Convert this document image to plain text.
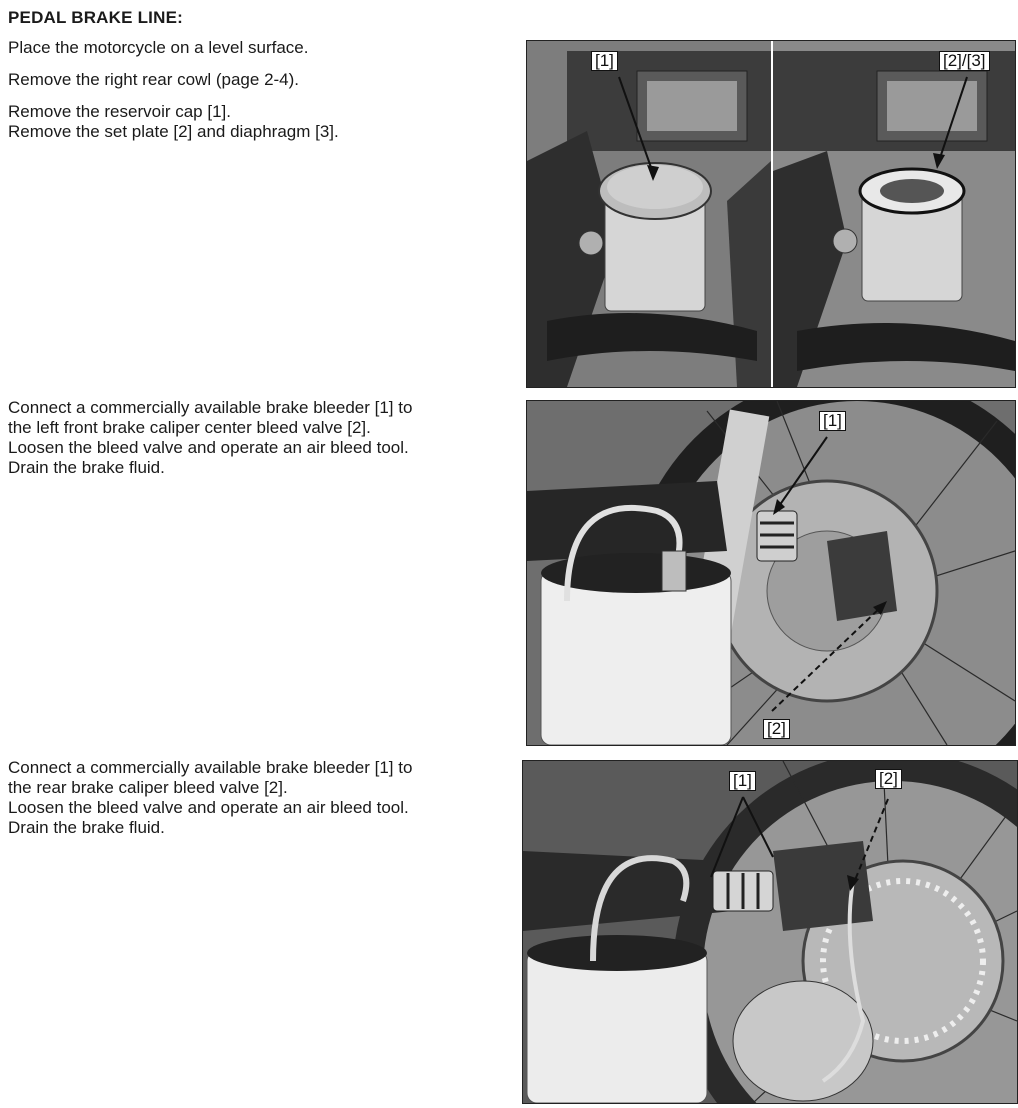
PEDAL BRAKE LINE:
Place the motorcycle on a level surface.
Remove the right rear cowl (page 2-4).
Remove the reservoir cap [1].
Remove the set plate [2] and diaphragm [3].
Connect a commercially available brake bleeder [1] to
the left front brake caliper center bleed valve [2].
Loosen the bleed valve and operate an air bleed tool.
Drain the brake fluid.
Connect a commercially available brake bleeder [1] to
the rear brake caliper bleed valve [2].
Loosen the bleed valve and operate an air bleed tool.
Drain the brake fluid.
[1]	[2]/[3]
[1]
[2]
[1]	[2]
